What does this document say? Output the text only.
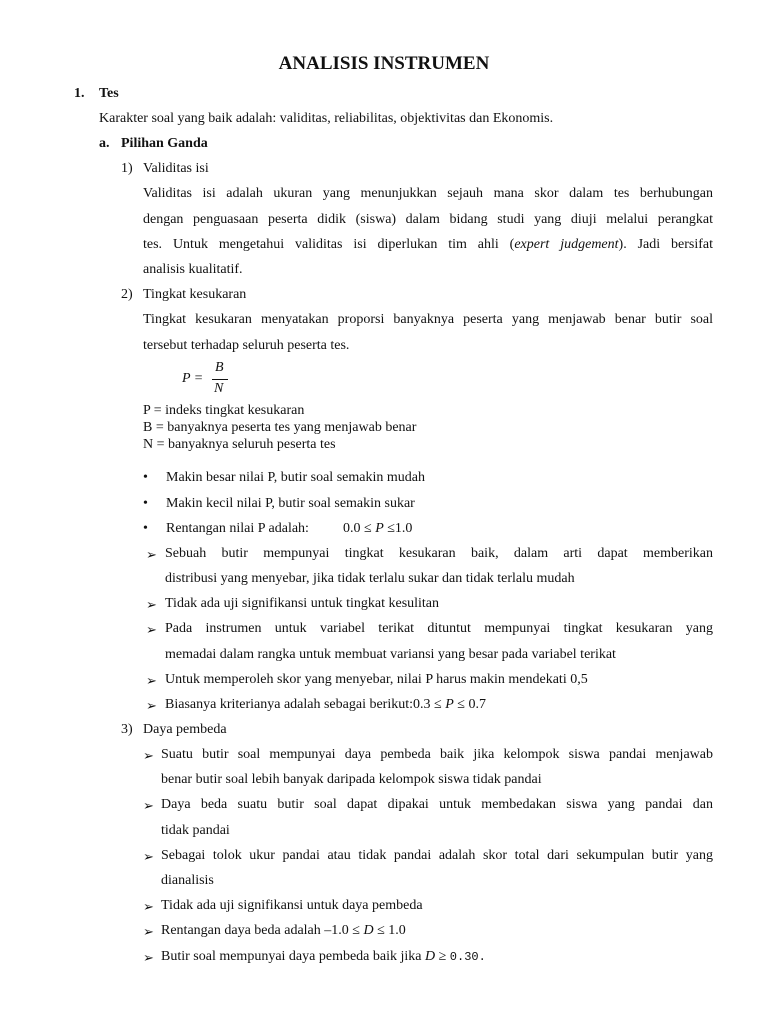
ANALISIS INSTRUMEN
1. Tes
Karakter soal yang baik adalah: validitas, reliabilitas, objektivitas dan Ekonomis.
a. Pilihan Ganda
1) Validitas isi
Validitas isi adalah ukuran yang menunjukkan sejauh mana skor dalam tes berhubungan
dengan penguasaan peserta didik (siswa) dalam bidang studi yang diuji melalui perangkat
tes. Untuk mengetahui validitas isi diperlukan tim ahli (expert judgement). Jadi bersifat
analisis kualitatif.
2) Tingkat kesukaran
Tingkat kesukaran menyatakan proporsi banyaknya peserta yang menjawab benar butir soal
tersebut terhadap seluruh peserta tes.
P =
B
N
P = indeks tingkat kesukaran
B = banyaknya peserta tes yang menjawab benar
N = banyaknya seluruh peserta tes
• Makin besar nilai P, butir soal semakin mudah
• Makin kecil nilai P, butir soal semakin sukar
• Rentangan nilai P adalah: 0.0 ≤ P ≤1.0
➢ Sebuah butir mempunyai tingkat kesukaran baik, dalam arti dapat memberikan
distribusi yang menyebar, jika tidak terlalu sukar dan tidak terlalu mudah
➢ Tidak ada uji signifikansi untuk tingkat kesulitan
➢ Pada instrumen untuk variabel terikat dituntut mempunyai tingkat kesukaran yang
memadai dalam rangka untuk membuat variansi yang besar pada variabel terikat
➢ Untuk memperoleh skor yang menyebar, nilai P harus makin mendekati 0,5
➢ Biasanya kriterianya adalah sebagai berikut:0.3 ≤ P ≤ 0.7
3) Daya pembeda
➢ Suatu butir soal mempunyai daya pembeda baik jika kelompok siswa pandai menjawab
benar butir soal lebih banyak daripada kelompok siswa tidak pandai
➢ Daya beda suatu butir soal dapat dipakai untuk membedakan siswa yang pandai dan
tidak pandai
➢ Sebagai tolok ukur pandai atau tidak pandai adalah skor total dari sekumpulan butir yang
dianalisis
➢ Tidak ada uji signifikansi untuk daya pembeda
➢ Rentangan daya beda adalah –1.0 ≤ D ≤ 1.0
➢ Butir soal mempunyai daya pembeda baik jika D ≥ 0.30.
